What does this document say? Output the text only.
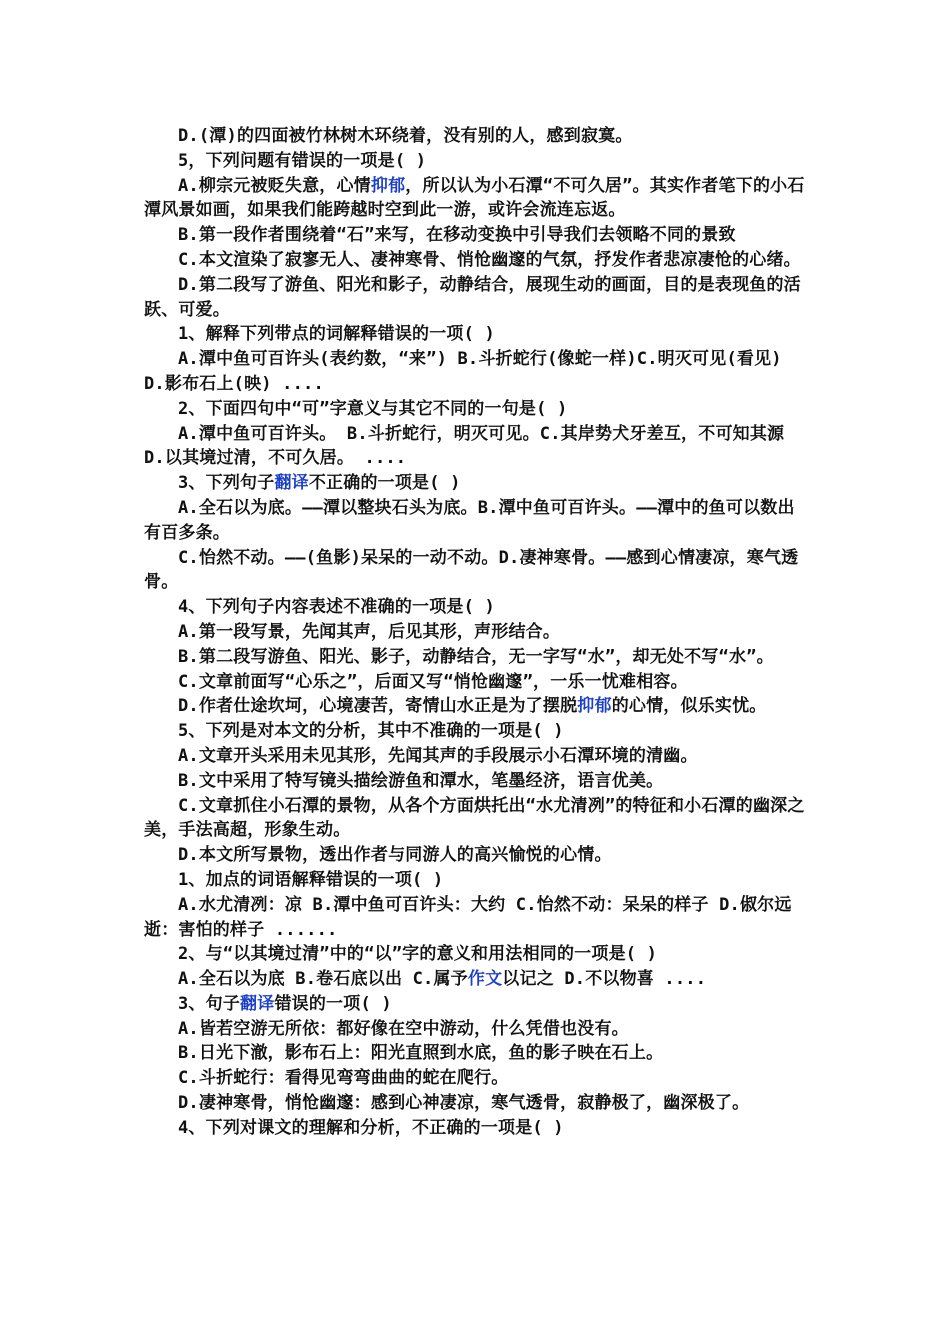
D.(潭)的四面被竹林树木环绕着，没有别的人，感到寂寞。

5，下列问题有错误的一项是( )

A.柳宗元被贬失意，心情抑郁，所以认为小石潭“不可久居”。其实作者笔下的小石潭风景如画，如果我们能跨越时空到此一游，或许会流连忘返。

B.第一段作者围绕着“石”来写，在移动变换中引导我们去领略不同的景致

C.本文渲染了寂寥无人、凄神寒骨、悄怆幽邃的气氛，抒发作者悲凉凄怆的心绪。

D.第二段写了游鱼、阳光和影子，动静结合，展现生动的画面，目的是表现鱼的活跃、可爱。

1、解释下列带点的词解释错误的一项( )

A.潭中鱼可百许头(表约数，“来”) B.斗折蛇行(像蛇一样)C.明灭可见(看见) D.影布石上(映) ....

2、下面四句中“可”字意义与其它不同的一句是( )

A.潭中鱼可百许头。 B.斗折蛇行，明灭可见。C.其岸势犬牙差互，不可知其源 D.以其境过清，不可久居。 ....

3、下列句子翻译不正确的一项是( )

A.全石以为底。——潭以整块石头为底。B.潭中鱼可百许头。——潭中的鱼可以数出有百多条。

C.怡然不动。——(鱼影)呆呆的一动不动。D.凄神寒骨。——感到心情凄凉，寒气透骨。

4、下列句子内容表述不准确的一项是( )

A.第一段写景，先闻其声，后见其形，声形结合。

B.第二段写游鱼、阳光、影子，动静结合，无一字写“水”，却无处不写“水”。

C.文章前面写“心乐之”，后面又写“悄怆幽邃”，一乐一忧难相容。

D.作者仕途坎坷，心境凄苦，寄情山水正是为了摆脱抑郁的心情，似乐实忧。

5、下列是对本文的分析，其中不准确的一项是( )

A.文章开头采用未见其形，先闻其声的手段展示小石潭环境的清幽。

B.文中采用了特写镜头描绘游鱼和潭水，笔墨经济，语言优美。

C.文章抓住小石潭的景物，从各个方面烘托出“水尤清冽”的特征和小石潭的幽深之美，手法高超，形象生动。

D.本文所写景物，透出作者与同游人的高兴愉悦的心情。

1、加点的词语解释错误的一项( )

A.水尤清冽：凉 B.潭中鱼可百许头：大约 C.怡然不动：呆呆的样子 D.俶尔远逝：害怕的样子 ......

2、与“以其境过清”中的“以”字的意义和用法相同的一项是( )

A.全石以为底 B.卷石底以出 C.属予作文以记之 D.不以物喜 ....

3、句子翻译错误的一项( )

A.皆若空游无所依：都好像在空中游动，什么凭借也没有。

B.日光下澈，影布石上：阳光直照到水底，鱼的影子映在石上。

C.斗折蛇行：看得见弯弯曲曲的蛇在爬行。

D.凄神寒骨，悄怆幽邃：感到心神凄凉，寒气透骨，寂静极了，幽深极了。

4、下列对课文的理解和分析，不正确的一项是( )
